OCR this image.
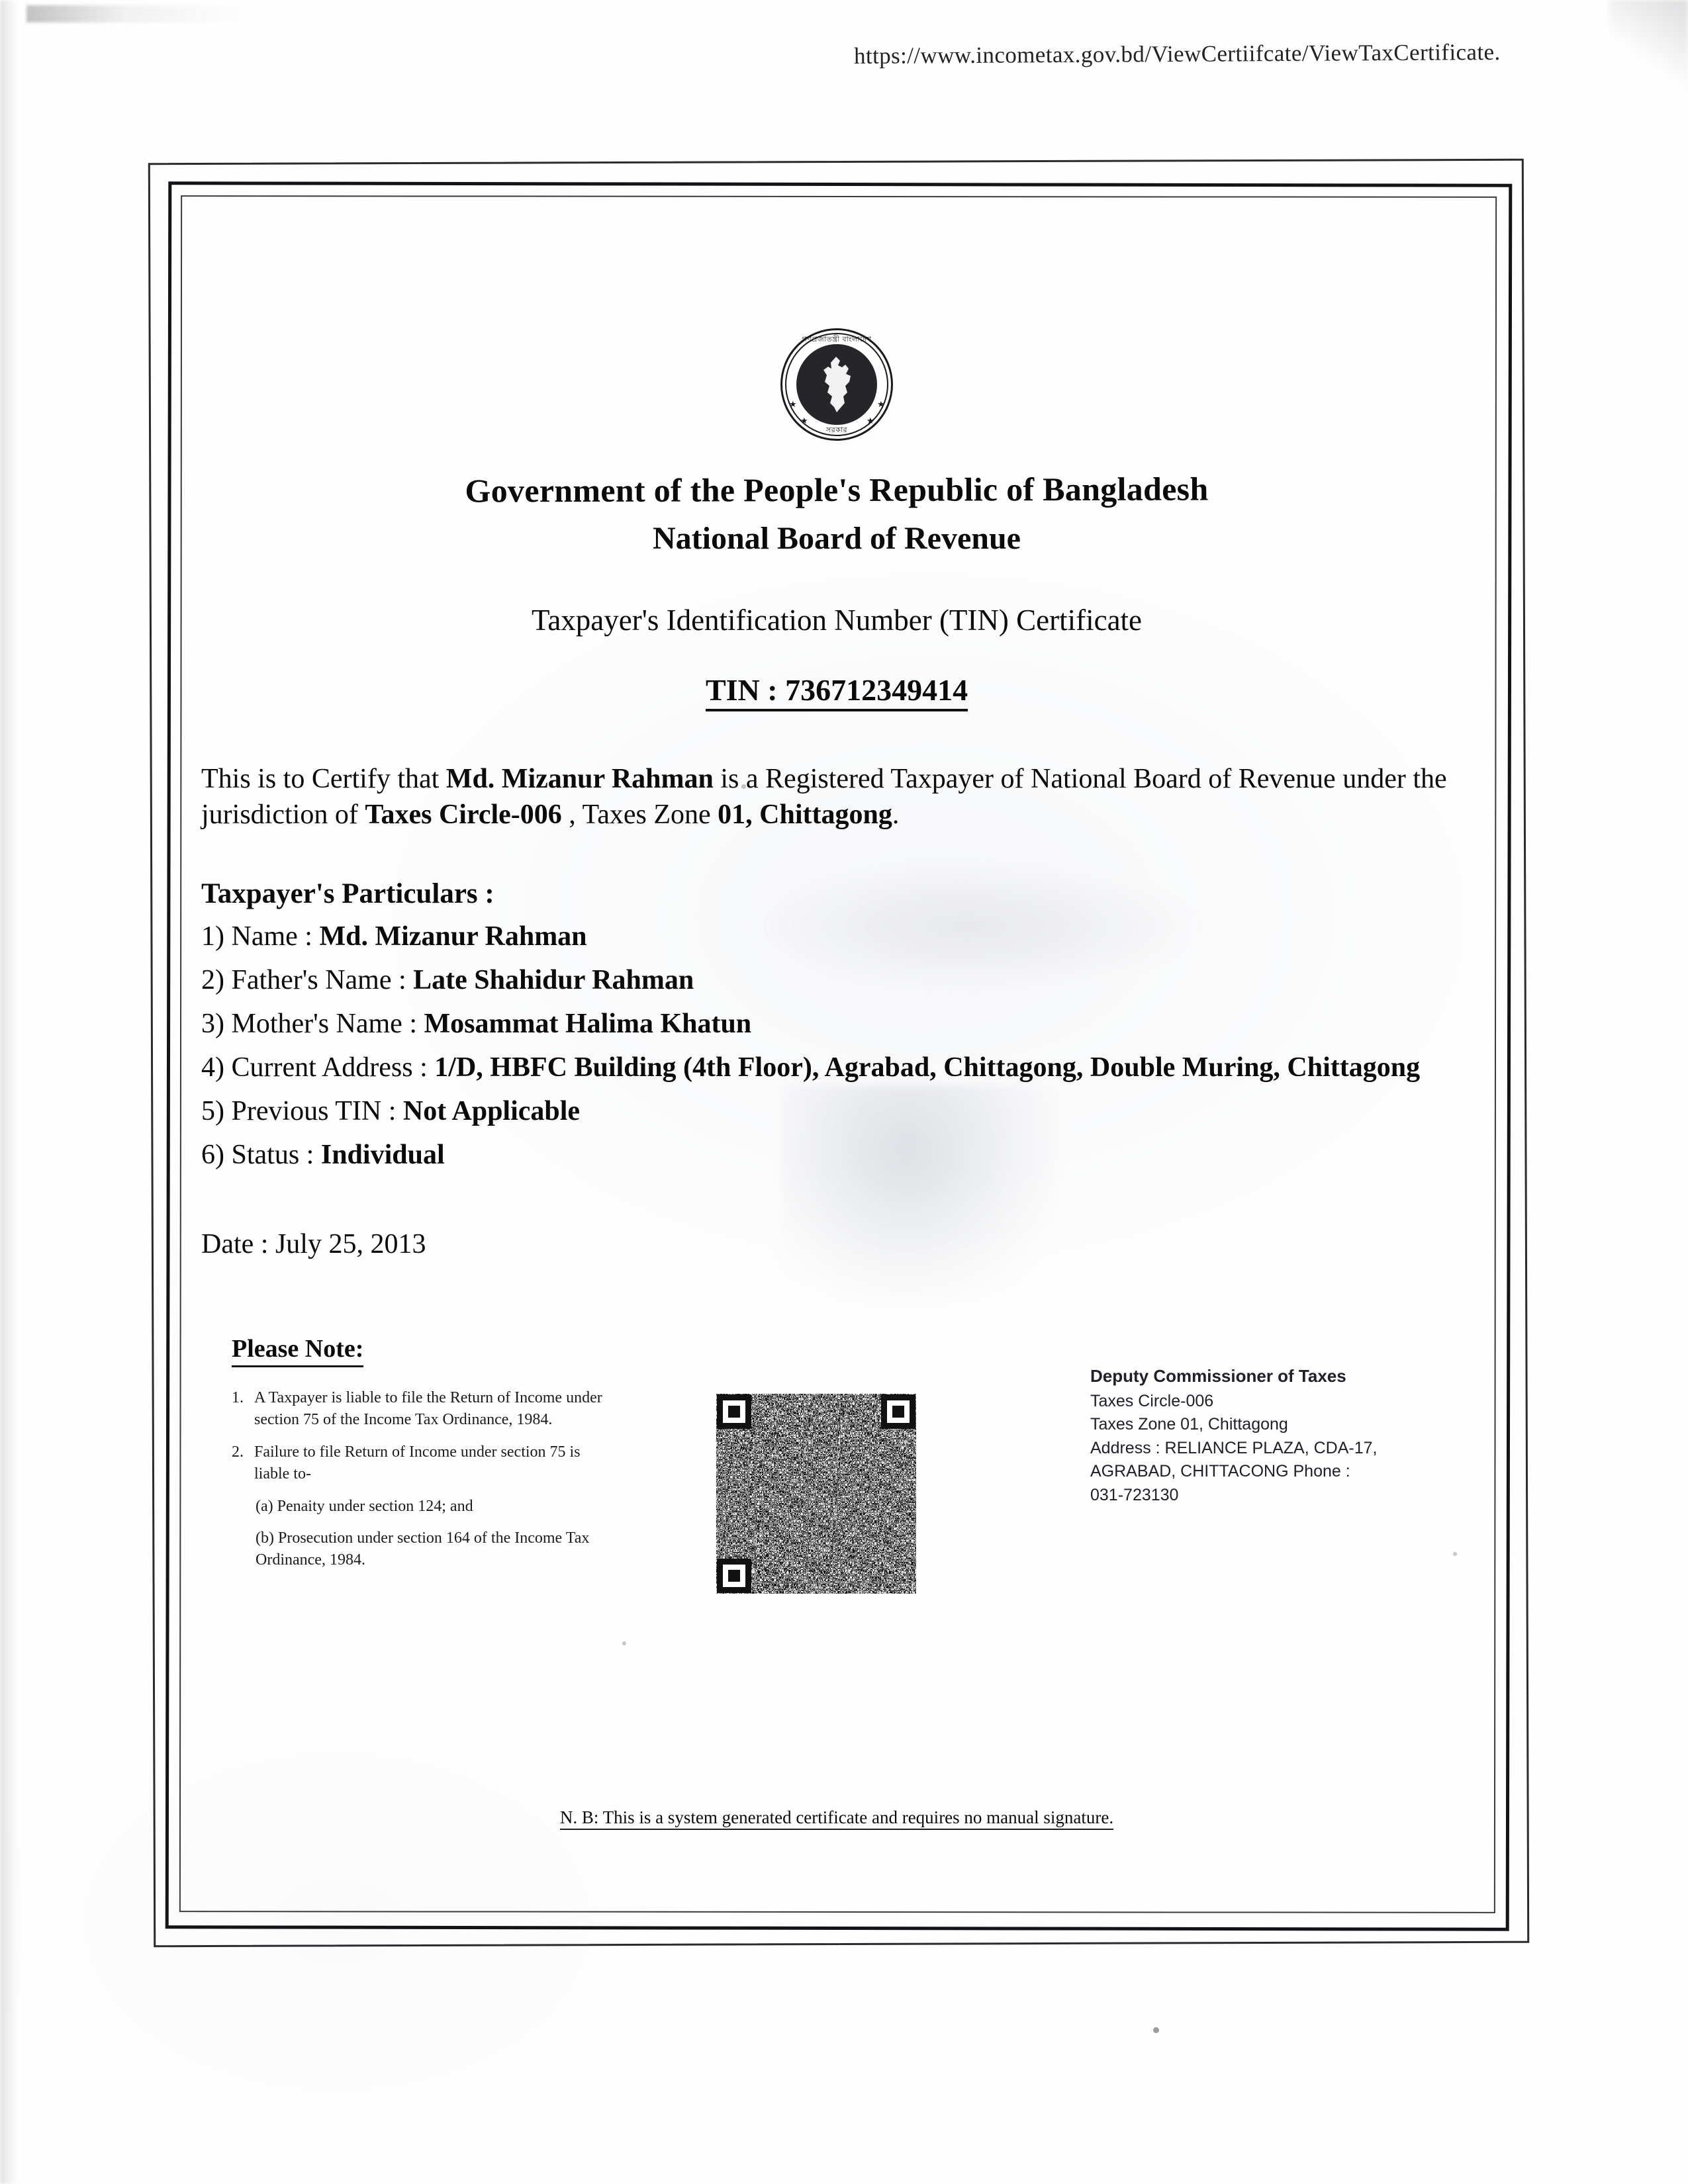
https://www.incometax.gov.bd/ViewCertiifcate/ViewTaxCertificate.
গণপ্রজাতন্ত্রী বাংলাদেশ
সরকার
Government of the People's Republic of Bangladesh
National Board of Revenue
Taxpayer's Identification Number (TIN) Certificate
TIN : 736712349414
This is to Certify that Md. Mizanur Rahman is a Registered Taxpayer of National Board of Revenue under the jurisdiction of Taxes Circle-006 , Taxes Zone 01, Chittagong.
Taxpayer's Particulars :
1) Name : Md. Mizanur Rahman
2) Father's Name : Late Shahidur Rahman
3) Mother's Name : Mosammat Halima Khatun
4) Current Address : 1/D, HBFC Building (4th Floor), Agrabad, Chittagong, Double Muring, Chittagong
5) Previous TIN : Not Applicable
6) Status : Individual
Date : July 25, 2013
Please Note:
1. A Taxpayer is liable to file the Return of Income under section 75 of the Income Tax Ordinance, 1984.
2. Failure to file Return of Income under section 75 is liable to-
(a) Penaity under section 124; and
(b) Prosecution under section 164 of the Income Tax Ordinance, 1984.
Deputy Commissioner of Taxes
Taxes Circle-006
Taxes Zone 01, Chittagong
Address : RELIANCE PLAZA, CDA-17,
AGRABAD, CHITTACONG Phone :
031-723130
N. B: This is a system generated certificate and requires no manual signature.
